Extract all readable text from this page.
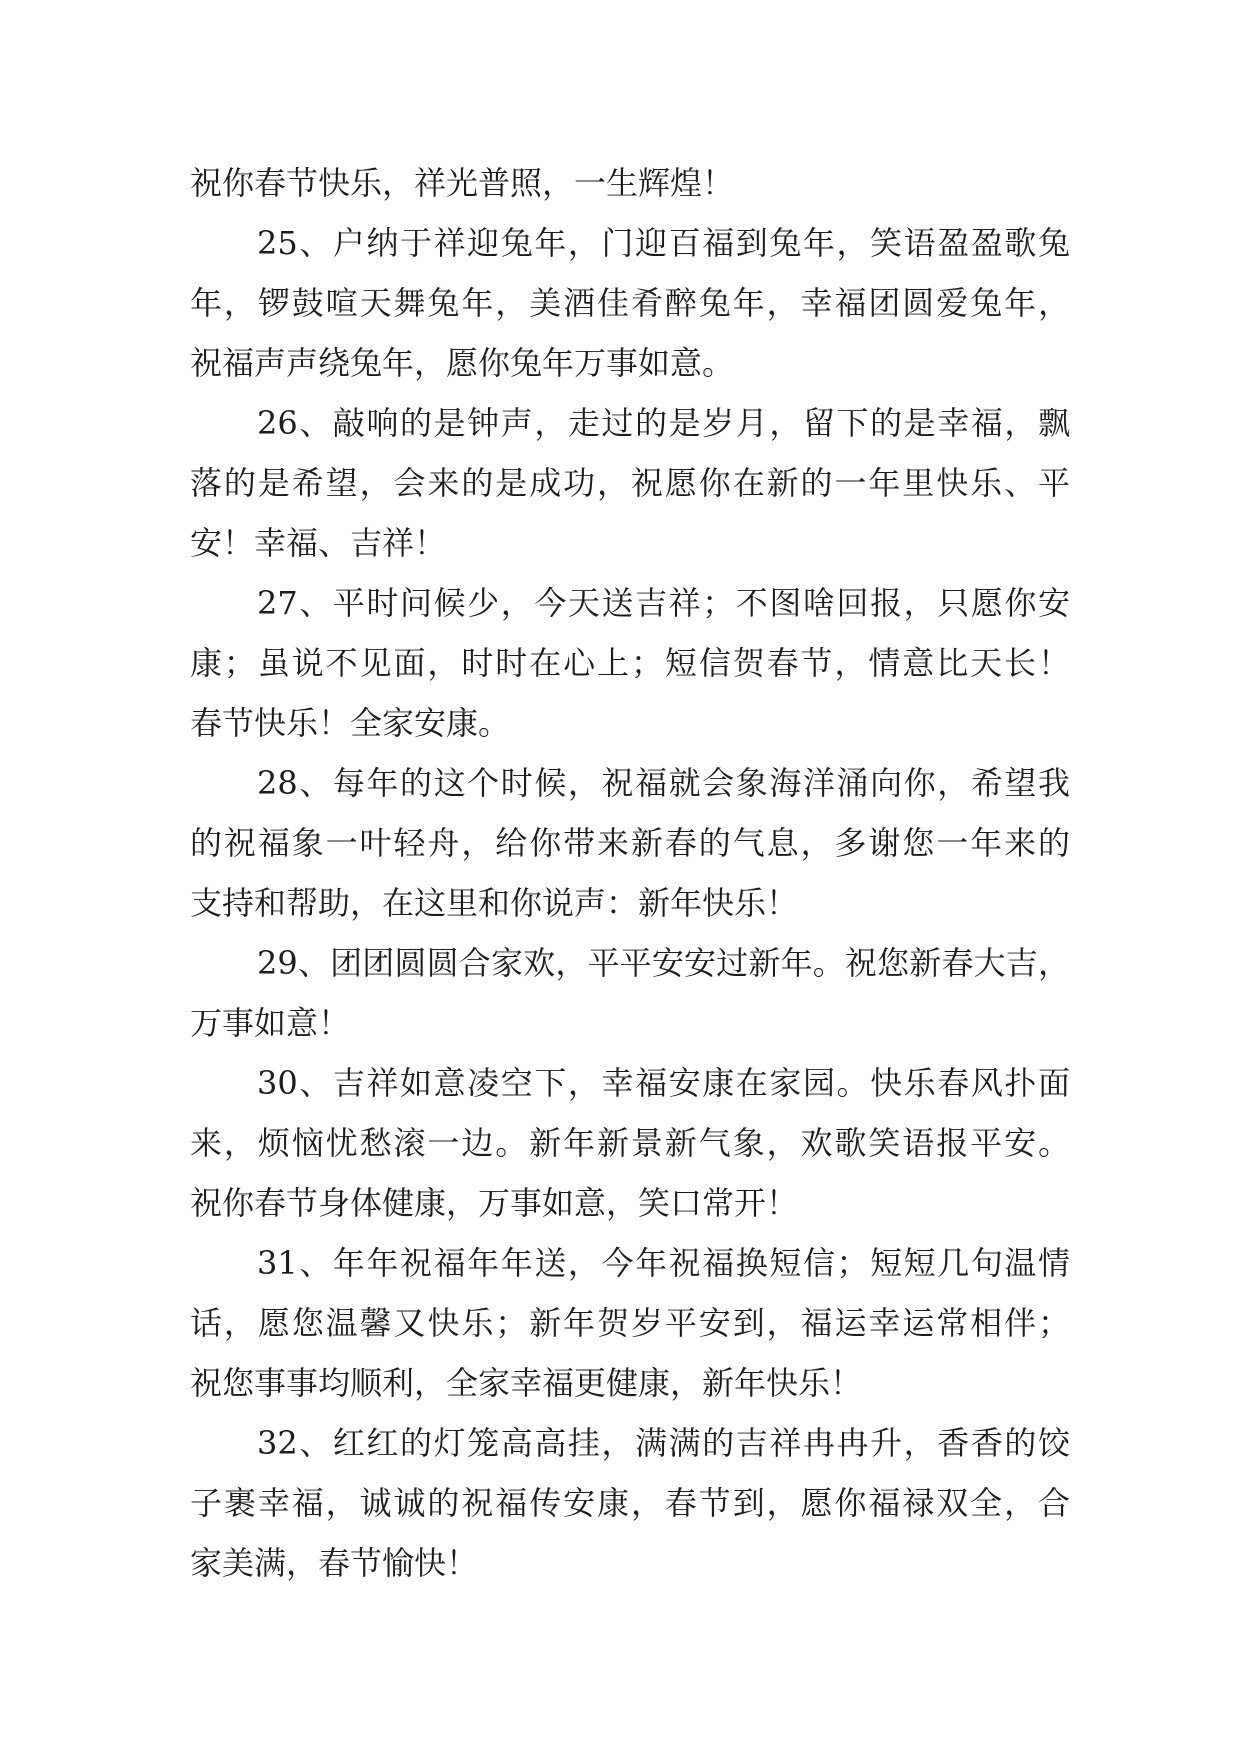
祝你春节快乐，祥光普照，一生辉煌！
25、户纳于祥迎兔年，门迎百福到兔年，笑语盈盈歌兔
年，锣鼓喧天舞兔年，美酒佳肴醉兔年，幸福团圆爱兔年，
祝福声声绕兔年，愿你兔年万事如意。
26、敲响的是钟声，走过的是岁月，留下的是幸福，飘
落的是希望，会来的是成功，祝愿你在新的一年里快乐、平
安！幸福、吉祥！
27、平时问候少，今天送吉祥；不图啥回报，只愿你安
康；虽说不见面，时时在心上；短信贺春节，情意比天长！
春节快乐！全家安康。
28、每年的这个时候，祝福就会象海洋涌向你，希望我
的祝福象一叶轻舟，给你带来新春的气息，多谢您一年来的
支持和帮助，在这里和你说声：新年快乐！
29、团团圆圆合家欢，平平安安过新年。祝您新春大吉，
万事如意！
30、吉祥如意凌空下，幸福安康在家园。快乐春风扑面
来，烦恼忧愁滚一边。新年新景新气象，欢歌笑语报平安。
祝你春节身体健康，万事如意，笑口常开！
31、年年祝福年年送，今年祝福换短信；短短几句温情
话，愿您温馨又快乐；新年贺岁平安到，福运幸运常相伴；
祝您事事均顺利，全家幸福更健康，新年快乐！
32、红红的灯笼高高挂，满满的吉祥冉冉升，香香的饺
子裹幸福，诚诚的祝福传安康，春节到，愿你福禄双全，合
家美满，春节愉快！
